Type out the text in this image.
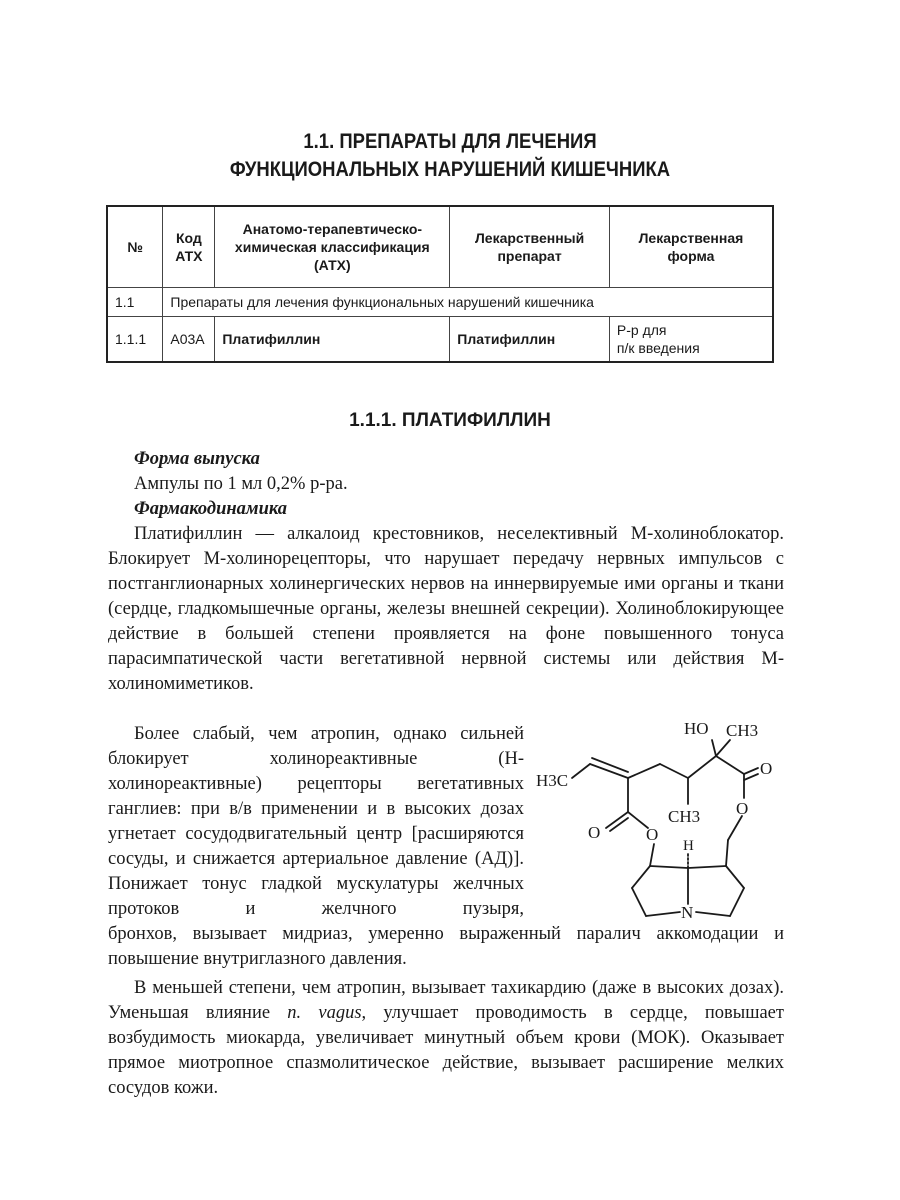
1.1. ПРЕПАРАТЫ ДЛЯ ЛЕЧЕНИЯ
ФУНКЦИОНАЛЬНЫХ НАРУШЕНИЙ КИШЕЧНИКА
№	Код АТХ	Анатомо-терапевтическо-химическая классификация (АТХ)	Лекарственный препарат	Лекарственная форма
1.1	Препараты для лечения функциональных нарушений кишечника			
1.1.1	A03A	Платифиллин	Платифиллин	Р-р для
п/к введения
1.1.1. ПЛАТИФИЛЛИН
Форма выпуска
Ампулы по 1 мл 0,2% р-ра.
Фармакодинамика

Платифиллин — алкалоид крестовников, неселективный М-холиноблокатор. Блокирует М-холинорецепторы, что нарушает передачу нервных импульсов с постганглионарных холинергических нервов на иннервируемые ими органы и ткани (сердце, гладкомышечные органы, железы внешней секреции). Холиноблокирующее действие в большей степени проявляется на фоне повышенного тонуса парасимпатической части вегетативной нервной системы или действия М-холиномиметиков.

Более слабый, чем атропин, однако сильней блокирует холинореактивные (Н-холинореактивные) рецепторы вегетативных ганглиев: при в/в применении и в высоких дозах угнетает сосудодвигательный центр [расширяются сосуды, и снижается артериальное давление (АД)]. Понижает тонус гладкой мускулатуры желчных протоков и желчного пузыря,

бронхов, вызывает мидриаз, умеренно выраженный паралич аккомодации и повышение внутриглазного давления.

В меньшей степени, чем атропин, вызывает тахикардию (даже в высоких дозах). Уменьшая влияние n. vagus, улучшает проводимость в сердце, повышает возбудимость миокарда, увеличивает минутный объем крови (МОК). Оказывает прямое миотропное спазмолитическое действие, вызывает расширение мелких сосудов кожи.

HO CH3
H3C
CH3
O
O
O	O
H
N
